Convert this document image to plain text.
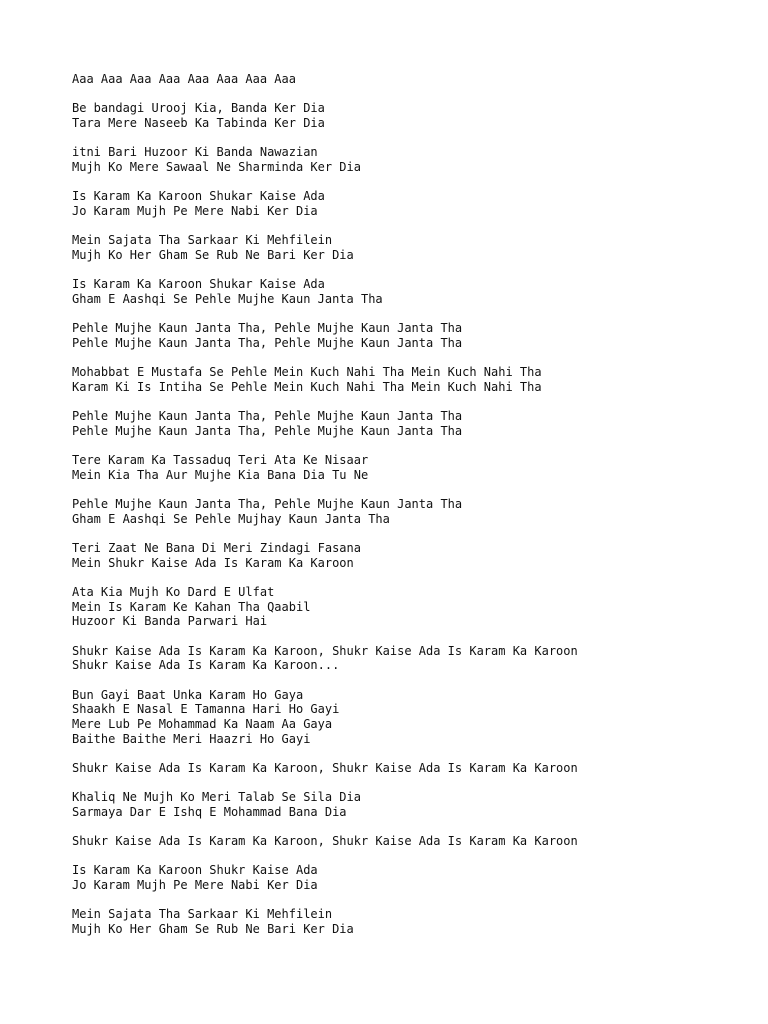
Aaa Aaa Aaa Aaa Aaa Aaa Aaa Aaa
Be bandagi Urooj Kia, Banda Ker Dia
Tara Mere Naseeb Ka Tabinda Ker Dia
itni Bari Huzoor Ki Banda Nawazian
Mujh Ko Mere Sawaal Ne Sharminda Ker Dia
Is Karam Ka Karoon Shukar Kaise Ada
Jo Karam Mujh Pe Mere Nabi Ker Dia
Mein Sajata Tha Sarkaar Ki Mehfilein
Mujh Ko Her Gham Se Rub Ne Bari Ker Dia
Is Karam Ka Karoon Shukar Kaise Ada
Gham E Aashqi Se Pehle Mujhe Kaun Janta Tha
Pehle Mujhe Kaun Janta Tha, Pehle Mujhe Kaun Janta Tha
Pehle Mujhe Kaun Janta Tha, Pehle Mujhe Kaun Janta Tha
Mohabbat E Mustafa Se Pehle Mein Kuch Nahi Tha Mein Kuch Nahi Tha
Karam Ki Is Intiha Se Pehle Mein Kuch Nahi Tha Mein Kuch Nahi Tha
Pehle Mujhe Kaun Janta Tha, Pehle Mujhe Kaun Janta Tha
Pehle Mujhe Kaun Janta Tha, Pehle Mujhe Kaun Janta Tha
Tere Karam Ka Tassaduq Teri Ata Ke Nisaar
Mein Kia Tha Aur Mujhe Kia Bana Dia Tu Ne
Pehle Mujhe Kaun Janta Tha, Pehle Mujhe Kaun Janta Tha
Gham E Aashqi Se Pehle Mujhay Kaun Janta Tha
Teri Zaat Ne Bana Di Meri Zindagi Fasana
Mein Shukr Kaise Ada Is Karam Ka Karoon
Ata Kia Mujh Ko Dard E Ulfat
Mein Is Karam Ke Kahan Tha Qaabil
Huzoor Ki Banda Parwari Hai
Shukr Kaise Ada Is Karam Ka Karoon, Shukr Kaise Ada Is Karam Ka Karoon
Shukr Kaise Ada Is Karam Ka Karoon...
Bun Gayi Baat Unka Karam Ho Gaya
Shaakh E Nasal E Tamanna Hari Ho Gayi
Mere Lub Pe Mohammad Ka Naam Aa Gaya
Baithe Baithe Meri Haazri Ho Gayi
Shukr Kaise Ada Is Karam Ka Karoon, Shukr Kaise Ada Is Karam Ka Karoon
Khaliq Ne Mujh Ko Meri Talab Se Sila Dia
Sarmaya Dar E Ishq E Mohammad Bana Dia
Shukr Kaise Ada Is Karam Ka Karoon, Shukr Kaise Ada Is Karam Ka Karoon
Is Karam Ka Karoon Shukr Kaise Ada
Jo Karam Mujh Pe Mere Nabi Ker Dia
Mein Sajata Tha Sarkaar Ki Mehfilein
Mujh Ko Her Gham Se Rub Ne Bari Ker Dia
